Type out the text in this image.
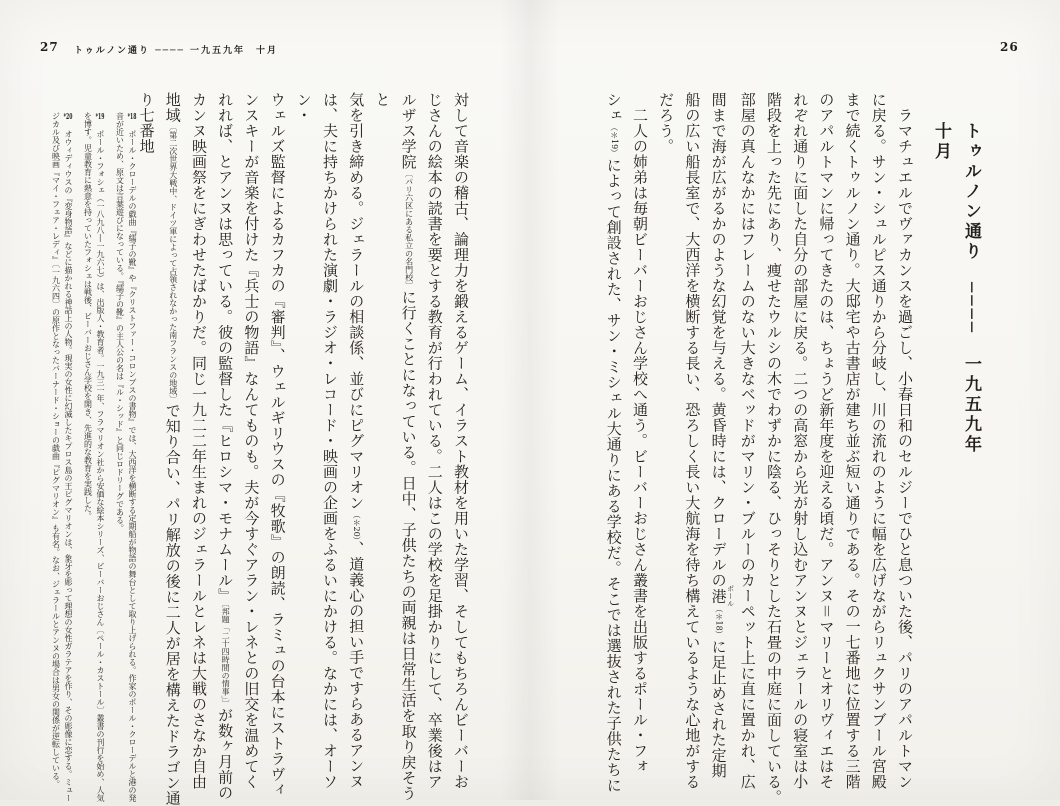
27 トゥルノン通り ──── 一九五九年　十月	26
トゥルノン通り　────　一九五九年　十月
　ラマチュエルでヴァカンスを過ごし、小春日和のセルジーでひと息ついた後、パリのアパルトマン
に戻る。サン・シュルピス通りから分岐し、川の流れのように幅を広げながらリュクサンブール宮殿
まで続くトゥルノン通り。大邸宅や古書店が建ち並ぶ短い通りである。その一七番地に位置する三階
のアパルトマンに帰ってきたのは、ちょうど新年度を迎える頃だ。アンヌ＝マリーとオリヴィエはそ
れぞれ通りに面した自分の部屋に戻る。二つの高窓から光が射し込むアンヌとジェラールの寝室は小
階段を上った先にあり、痩せたウルシの木でわずかに陰る、ひっそりとした石畳の中庭に面している。
部屋の真んなかにはフレームのない大きなベッドがマリン・ブルーのカーペット上に直に置かれ、広
間まで海が広がるかのような幻覚を与える。黄昏時には、クローデルの港 ポール（＊18）に足止めされた定期
船の広い船長室で、大西洋を横断する長い、恐ろしく長い大航海を待ち構えているような心地がする
だろう。
　二人の姉弟は毎朝ビーバーおじさん学校へ通う。ビーバーおじさん叢書を出版するポール・フォ
シェ（＊19）によって創設された、サン・ミシェル大通りにある学校だ。そこでは選抜された子供たちに
対して音楽の稽古、論理力を鍛えるゲーム、イラスト教材を用いた学習、そしてもちろんビーバーお
じさんの絵本の読書を要とする教育が行われている。二人はこの学校を足掛かりにして、卒業後はア
ルザス学院〔パリ六区にある私立の名門校〕に行くことになっている。日中、子供たちの両親は日常生活を取り戻そうと
気を引き締める。ジェラールの相談係、並びにピグマリオン（＊20）、道義心の担い手ですらあるアンヌ
は、夫に持ちかけられた演劇・ラジオ・レコード・映画の企画をふるいにかける。なかには、オーソン・
ウェルズ監督によるカフカの『審判』、ウェルギリウスの『牧歌』の朗読、ラミュの台本にストラヴィ
ンスキーが音楽を付けた『兵士の物語』なんてものも。夫が今すぐアラン・レネとの旧交を温めてく
れれば、とアンヌは思っている。彼の監督した『ヒロシマ・モナムール』〔邦題「二十四時間の情事」〕が数ヶ月前の
カンヌ映画祭をにぎわせたばかりだ。同じ一九二二年生まれのジェラールとレネは大戦のさなか自由
地域〔第二次世界大戦中、ドイツ軍によって占領されなかった南フランスの地域〕で知り合い、パリ解放の後に二人が居を構えたドラゴン通り七番地
*18　ポール・クローデルの戯曲『繻子の靴』や『クリストファー・コロンブスの書物』では、大西洋を横断する定期船が物語の舞台として取り上げられる。作家のポール・クローデルと港の発音が近いため、原文は言葉遊びになっている。『繻子の靴』の主人公の名は『ル・シッド』と同じロドリーグである。
*19　ポール・フォシェ（一八九八―一九六七）は、出版人・教育者。一九三一年、フラマリオン社から安価な絵本シリーズ、ビーバーおじさん〔ペール・カストール〕叢書の刊行を始め、人気を博す。児童教育に熱意を持っていたフォシェは戦後、ビーバーおじさん学校を開き、先進的な教育を実践した。
*20　オウィディウスの『変身物語』などに描かれる神話上の人物。現実の女性に幻滅したキプロス島の王ピグマリオンは、象牙を彫って理想の女性ガラテアを作り、その彫像に恋する。ミュージカル及び映画『マイ・フェア・レディ』〔一九六四〕の原作となったバーナード・ショーの戯曲『ピグマリオン』も有名。なお、ジェラールとアンヌの場合は男女の関係が逆転している。
